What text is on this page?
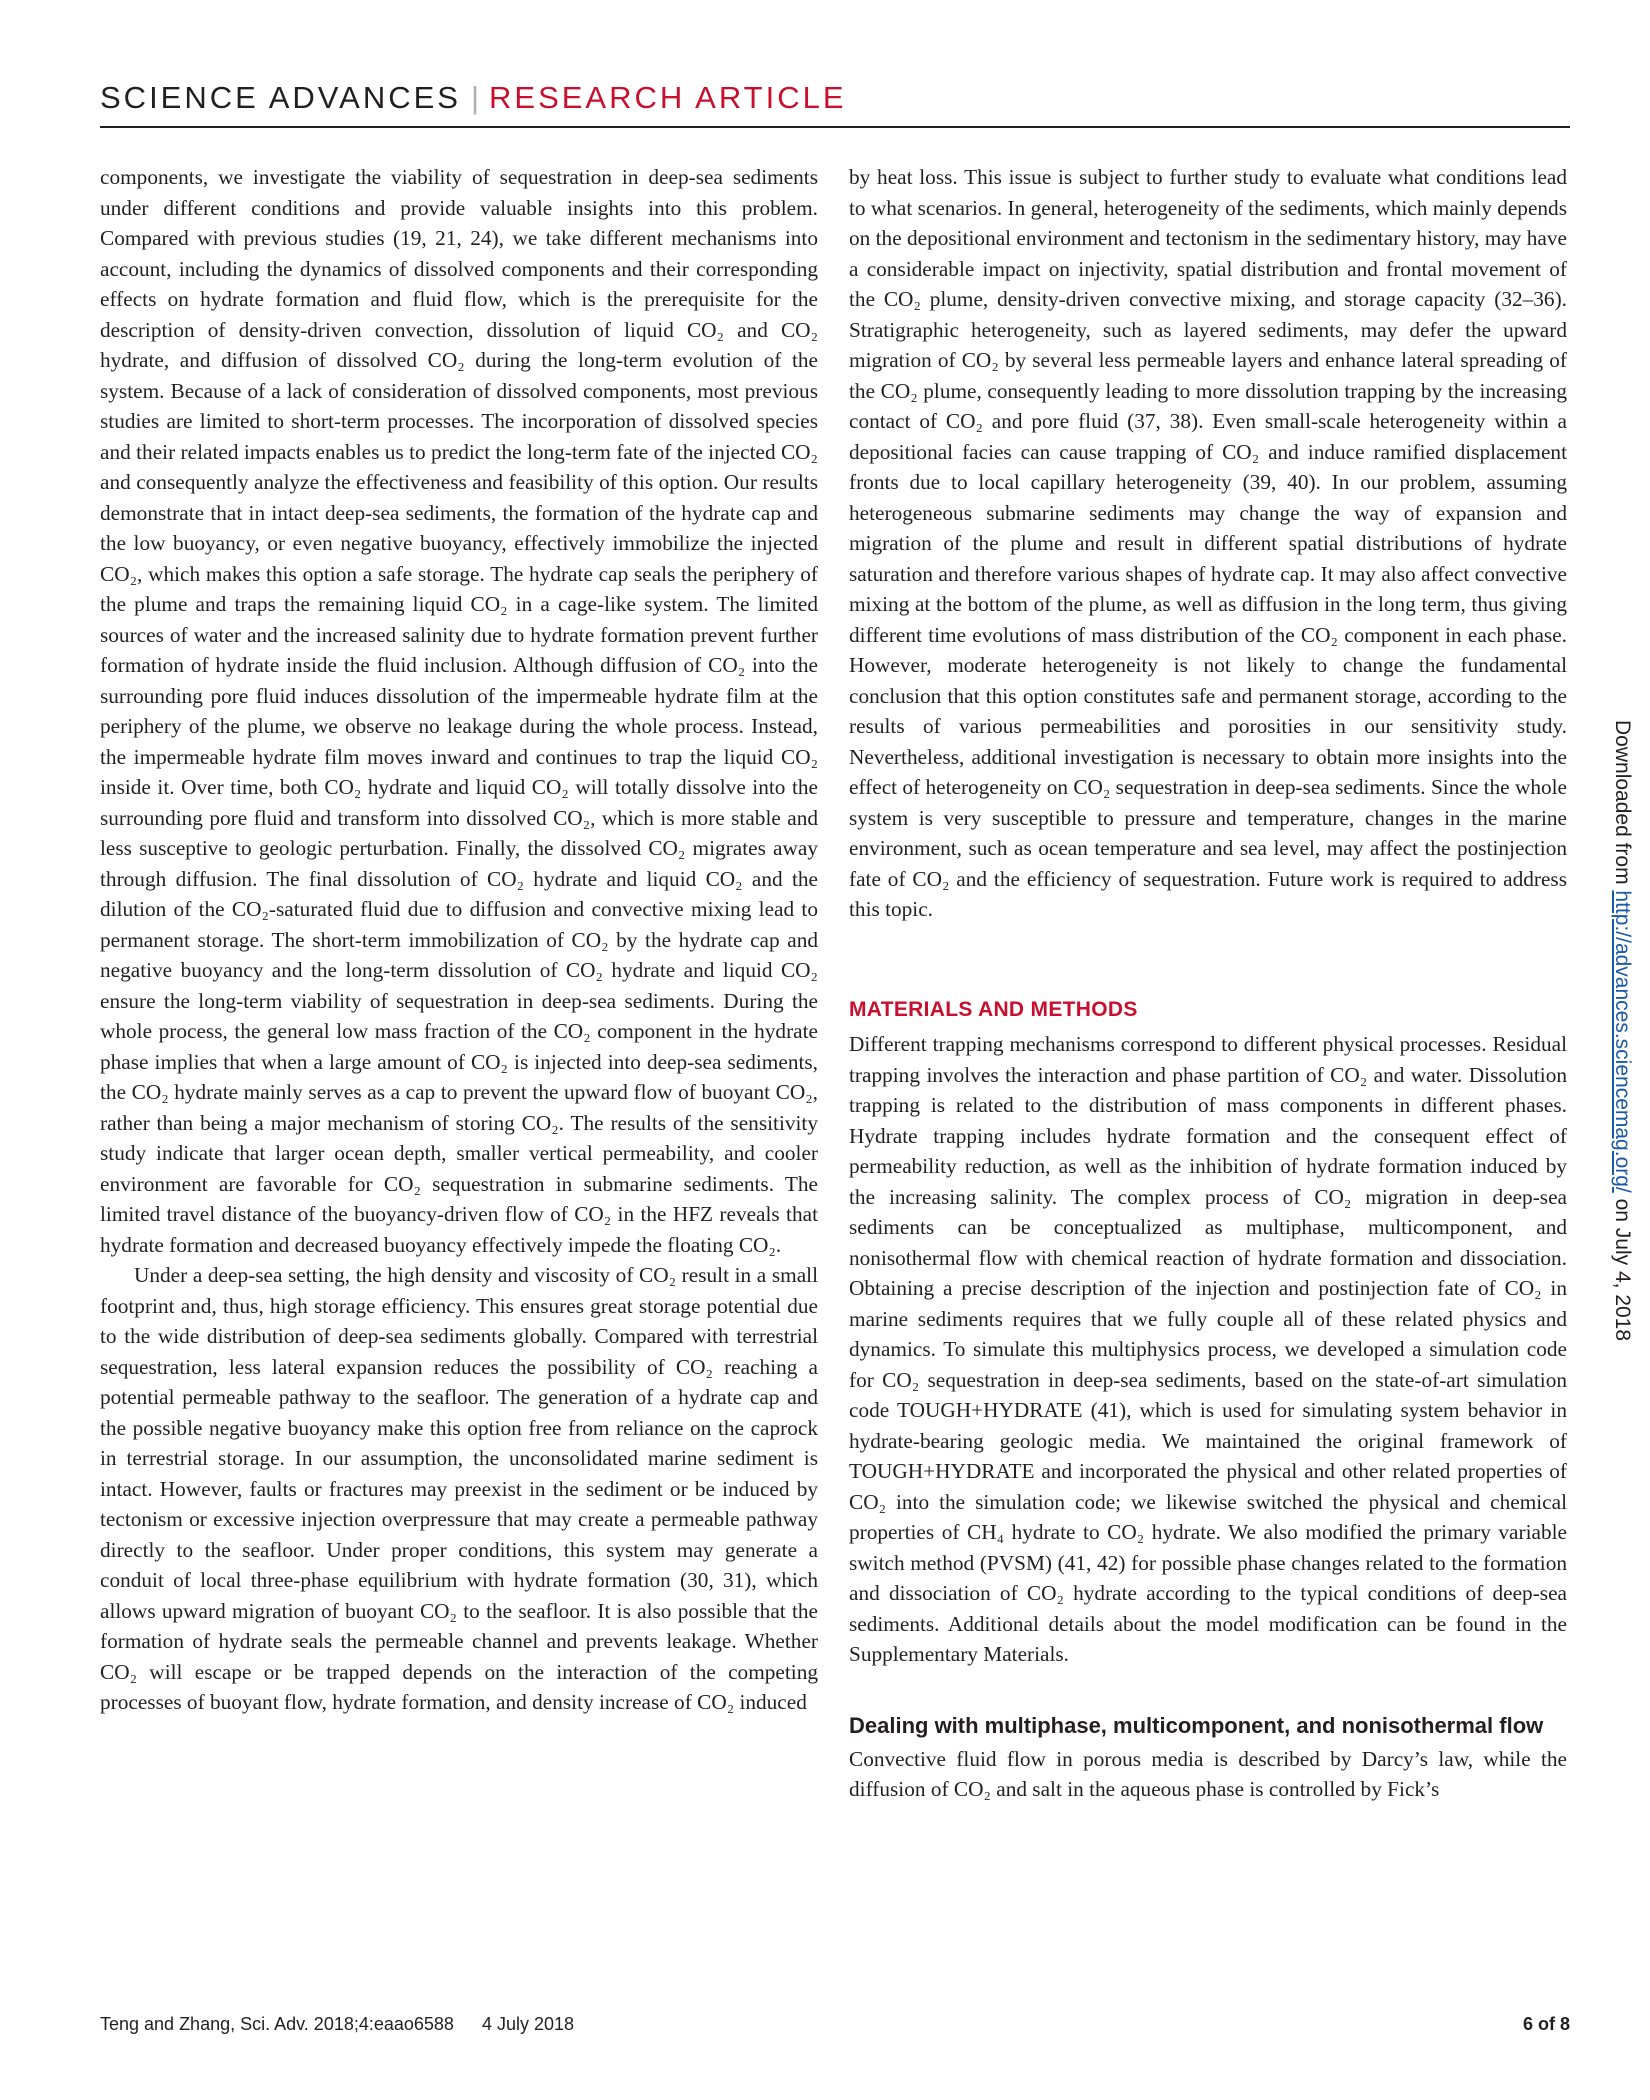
SCIENCE ADVANCES | RESEARCH ARTICLE

components, we investigate the viability of sequestration in deep-sea sediments under different conditions and provide valuable insights into this problem. Compared with previous studies (19, 21, 24), we take different mechanisms into account, including the dynamics of dissolved components and their corresponding effects on hydrate formation and fluid flow, which is the prerequisite for the description of density-driven convection, dissolution of liquid CO₂ and CO₂ hydrate, and diffusion of dissolved CO₂ during the long-term evolution of the system. Because of a lack of consideration of dissolved components, most previous studies are limited to short-term processes. The incorporation of dissolved species and their related impacts enables us to predict the long-term fate of the injected CO₂ and consequently analyze the effectiveness and feasibility of this option. Our results demonstrate that in intact deep-sea sediments, the formation of the hydrate cap and the low buoyancy, or even negative buoyancy, effectively immobilize the injected CO₂, which makes this option a safe storage. The hydrate cap seals the periphery of the plume and traps the remaining liquid CO₂ in a cage-like system. The limited sources of water and the increased salinity due to hydrate formation prevent further formation of hydrate inside the fluid inclusion. Although diffusion of CO₂ into the surrounding pore fluid induces dissolution of the impermeable hydrate film at the periphery of the plume, we observe no leakage during the whole process. Instead, the impermeable hydrate film moves inward and continues to trap the liquid CO₂ inside it. Over time, both CO₂ hydrate and liquid CO₂ will totally dissolve into the surrounding pore fluid and transform into dissolved CO₂, which is more stable and less susceptive to geologic perturbation. Finally, the dissolved CO₂ migrates away through diffusion. The final dissolution of CO₂ hydrate and liquid CO₂ and the dilution of the CO₂-saturated fluid due to diffusion and convective mixing lead to permanent storage. The short-term immobilization of CO₂ by the hydrate cap and negative buoyancy and the long-term dissolution of CO₂ hydrate and liquid CO₂ ensure the long-term viability of sequestration in deep-sea sediments. During the whole process, the general low mass fraction of the CO₂ component in the hydrate phase implies that when a large amount of CO₂ is injected into deep-sea sediments, the CO₂ hydrate mainly serves as a cap to prevent the upward flow of buoyant CO₂, rather than being a major mechanism of storing CO₂. The results of the sensitivity study indicate that larger ocean depth, smaller vertical permeability, and cooler environment are favorable for CO₂ sequestration in submarine sediments. The limited travel distance of the buoyancy-driven flow of CO₂ in the HFZ reveals that hydrate formation and decreased buoyancy effectively impede the floating CO₂.

Under a deep-sea setting, the high density and viscosity of CO₂ result in a small footprint and, thus, high storage efficiency. This ensures great storage potential due to the wide distribution of deep-sea sediments globally. Compared with terrestrial sequestration, less lateral expansion reduces the possibility of CO₂ reaching a potential permeable pathway to the seafloor. The generation of a hydrate cap and the possible negative buoyancy make this option free from reliance on the caprock in terrestrial storage. In our assumption, the unconsolidated marine sediment is intact. However, faults or fractures may preexist in the sediment or be induced by tectonism or excessive injection overpressure that may create a permeable pathway directly to the seafloor. Under proper conditions, this system may generate a conduit of local three-phase equilibrium with hydrate formation (30, 31), which allows upward migration of buoyant CO₂ to the seafloor. It is also possible that the formation of hydrate seals the permeable channel and prevents leakage. Whether CO₂ will escape or be trapped depends on the interaction of the competing processes of buoyant flow, hydrate formation, and density increase of CO₂ induced

by heat loss. This issue is subject to further study to evaluate what conditions lead to what scenarios. In general, heterogeneity of the sediments, which mainly depends on the depositional environment and tectonism in the sedimentary history, may have a considerable impact on injectivity, spatial distribution and frontal movement of the CO₂ plume, density-driven convective mixing, and storage capacity (32–36). Stratigraphic heterogeneity, such as layered sediments, may defer the upward migration of CO₂ by several less permeable layers and enhance lateral spreading of the CO₂ plume, consequently leading to more dissolution trapping by the increasing contact of CO₂ and pore fluid (37, 38). Even small-scale heterogeneity within a depositional facies can cause trapping of CO₂ and induce ramified displacement fronts due to local capillary heterogeneity (39, 40). In our problem, assuming heterogeneous submarine sediments may change the way of expansion and migration of the plume and result in different spatial distributions of hydrate saturation and therefore various shapes of hydrate cap. It may also affect convective mixing at the bottom of the plume, as well as diffusion in the long term, thus giving different time evolutions of mass distribution of the CO₂ component in each phase. However, moderate heterogeneity is not likely to change the fundamental conclusion that this option constitutes safe and permanent storage, according to the results of various permeabilities and porosities in our sensitivity study. Nevertheless, additional investigation is necessary to obtain more insights into the effect of heterogeneity on CO₂ sequestration in deep-sea sediments. Since the whole system is very susceptible to pressure and temperature, changes in the marine environment, such as ocean temperature and sea level, may affect the postinjection fate of CO₂ and the efficiency of sequestration. Future work is required to address this topic.

MATERIALS AND METHODS

Different trapping mechanisms correspond to different physical processes. Residual trapping involves the interaction and phase partition of CO₂ and water. Dissolution trapping is related to the distribution of mass components in different phases. Hydrate trapping includes hydrate formation and the consequent effect of permeability reduction, as well as the inhibition of hydrate formation induced by the increasing salinity. The complex process of CO₂ migration in deep-sea sediments can be conceptualized as multiphase, multicomponent, and nonisothermal flow with chemical reaction of hydrate formation and dissociation. Obtaining a precise description of the injection and postinjection fate of CO₂ in marine sediments requires that we fully couple all of these related physics and dynamics. To simulate this multiphysics process, we developed a simulation code for CO₂ sequestration in deep-sea sediments, based on the state-of-art simulation code TOUGH+HYDRATE (41), which is used for simulating system behavior in hydrate-bearing geologic media. We maintained the original framework of TOUGH+HYDRATE and incorporated the physical and other related properties of CO₂ into the simulation code; we likewise switched the physical and chemical properties of CH₄ hydrate to CO₂ hydrate. We also modified the primary variable switch method (PVSM) (41, 42) for possible phase changes related to the formation and dissociation of CO₂ hydrate according to the typical conditions of deep-sea sediments. Additional details about the model modification can be found in the Supplementary Materials.

Dealing with multiphase, multicomponent, and nonisothermal flow

Convective fluid flow in porous media is described by Darcy’s law, while the diffusion of CO₂ and salt in the aqueous phase is controlled by Fick’s

Downloaded from http://advances.sciencemag.org/ on July 4, 2018
Teng and Zhang, Sci. Adv. 2018;4:eaao6588 4 July 2018	6 of 8
